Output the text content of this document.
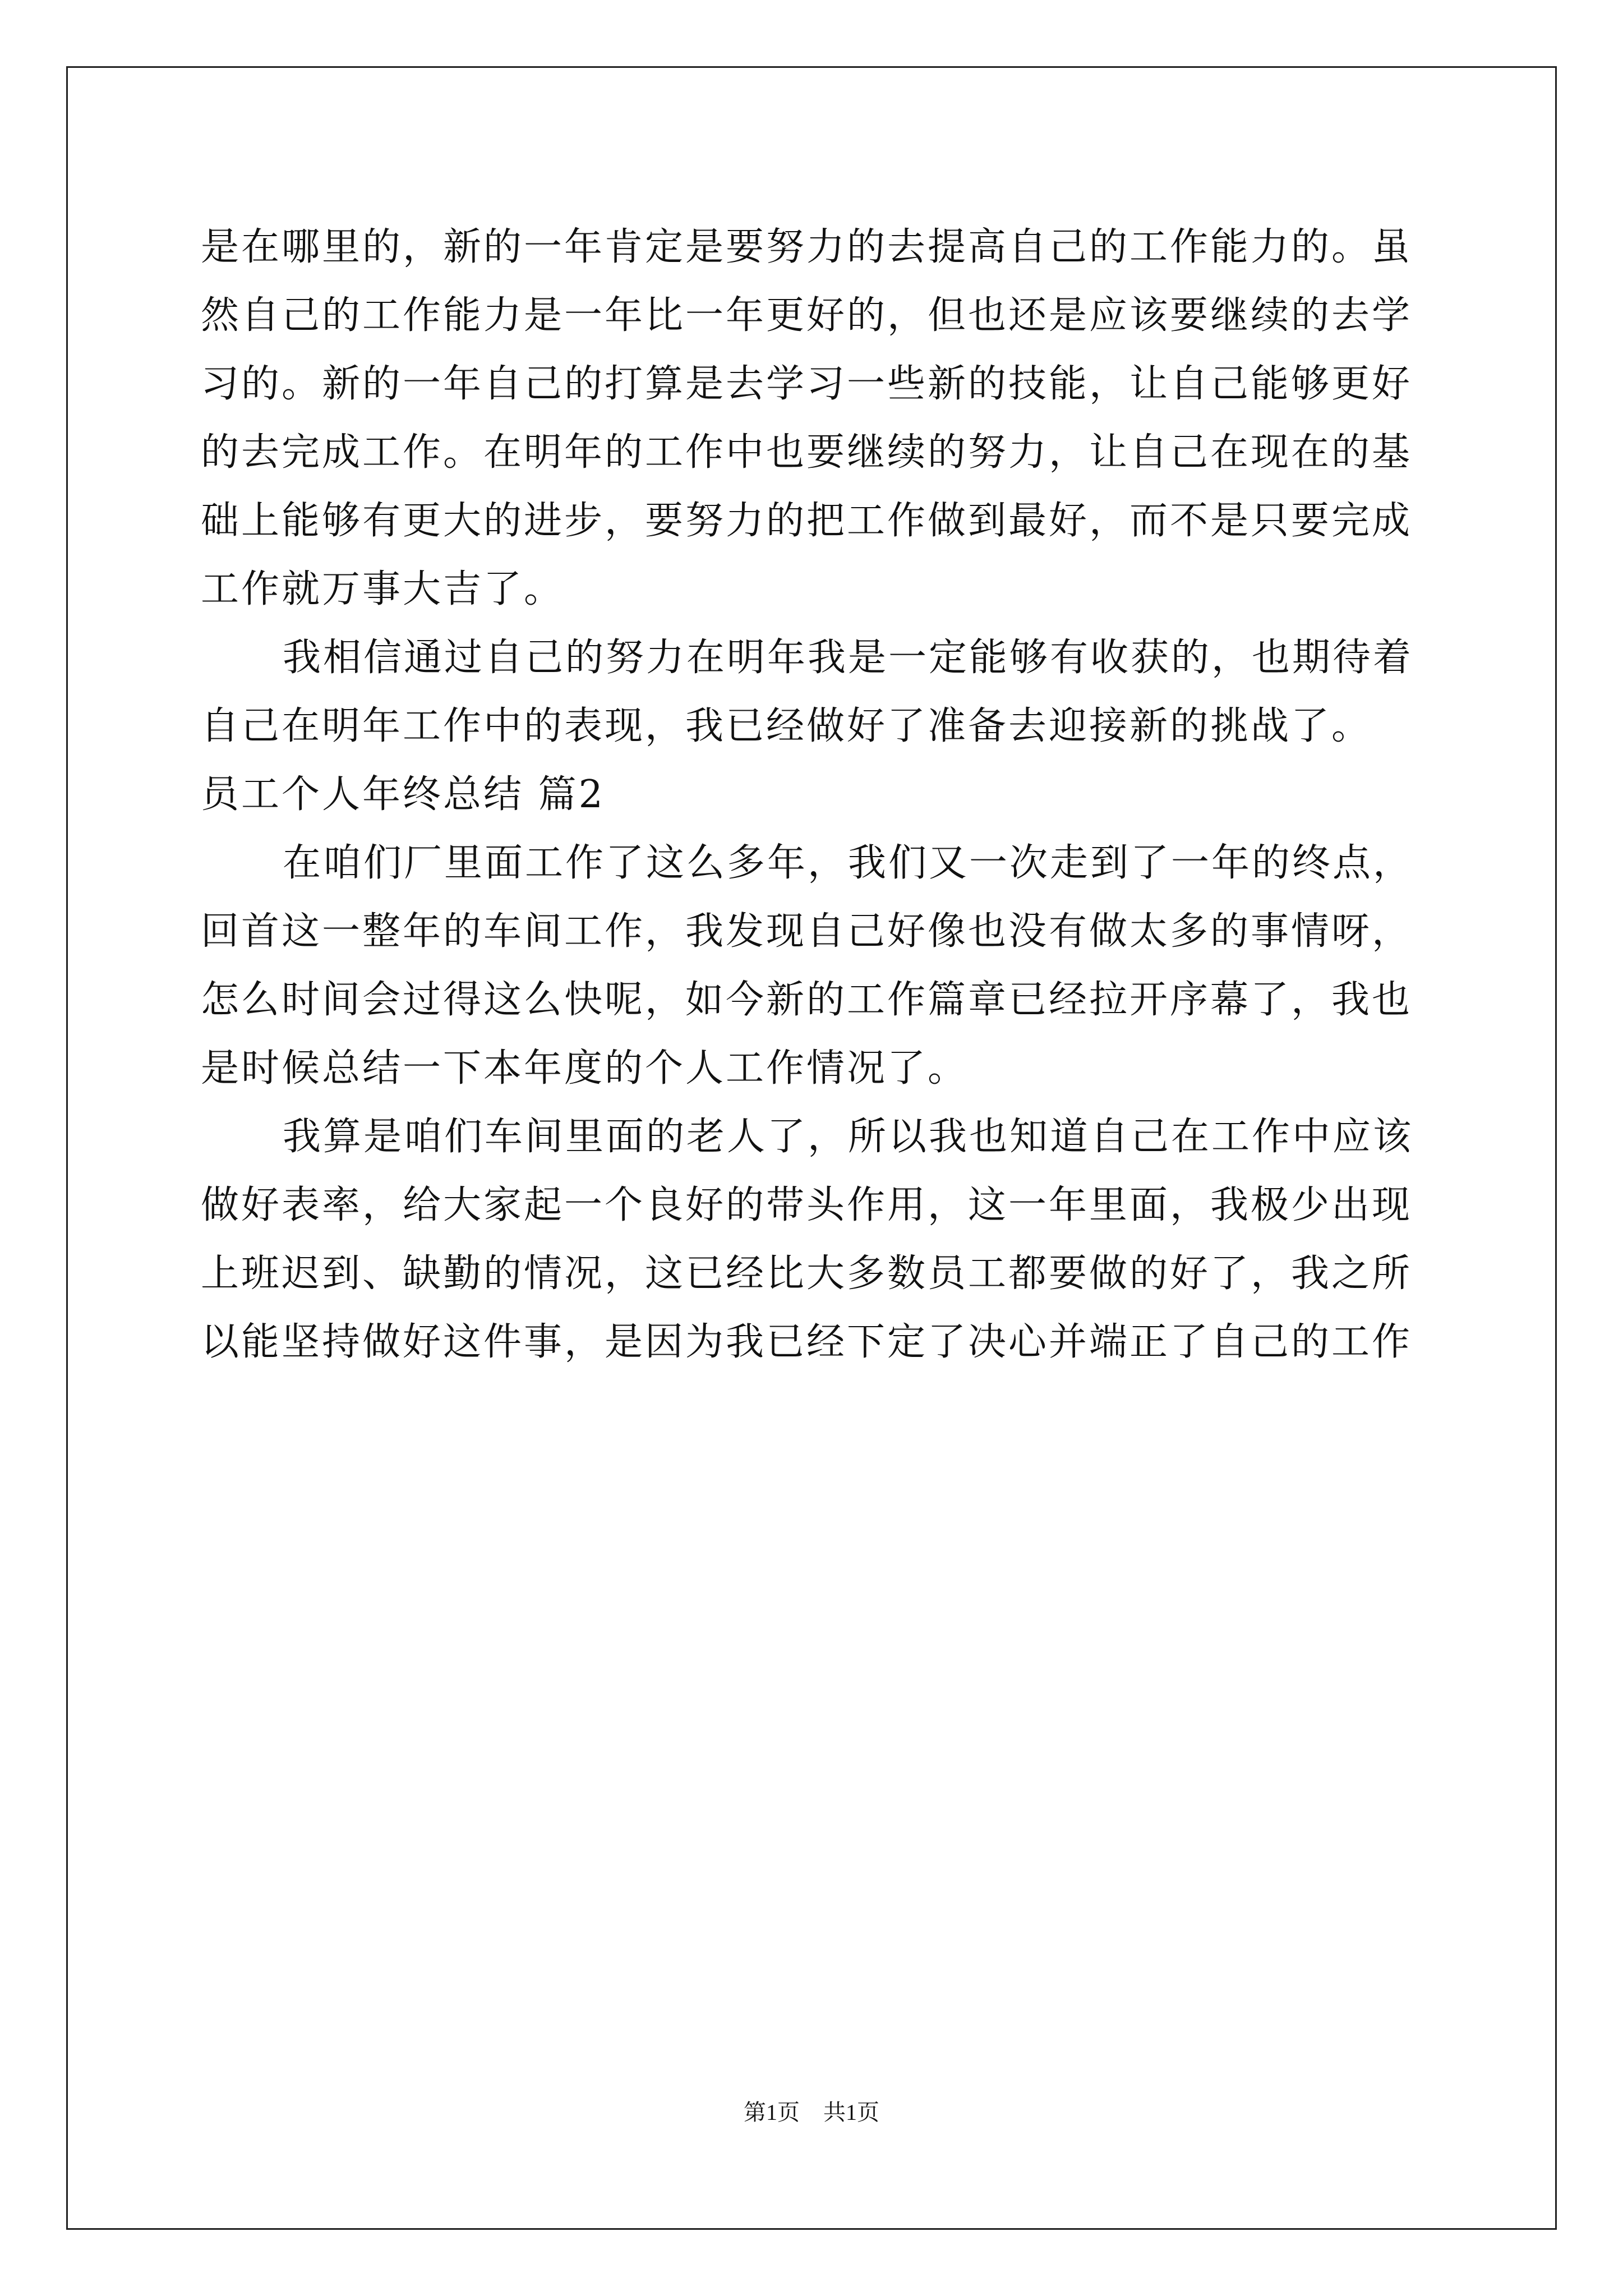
是在哪里的，新的一年肯定是要努力的去提高自己的工作能力的。虽
然自己的工作能力是一年比一年更好的，但也还是应该要继续的去学
习的。新的一年自己的打算是去学习一些新的技能，让自己能够更好
的去完成工作。在明年的工作中也要继续的努力，让自己在现在的基
础上能够有更大的进步，要努力的把工作做到最好，而不是只要完成
工作就万事大吉了。
我相信通过自己的努力在明年我是一定能够有收获的，也期待着
自己在明年工作中的表现，我已经做好了准备去迎接新的挑战了。
员工个人年终总结 篇2
在咱们厂里面工作了这么多年，我们又一次走到了一年的终点，
回首这一整年的车间工作，我发现自己好像也没有做太多的事情呀，
怎么时间会过得这么快呢，如今新的工作篇章已经拉开序幕了，我也
是时候总结一下本年度的个人工作情况了。
我算是咱们车间里面的老人了，所以我也知道自己在工作中应该
做好表率，给大家起一个良好的带头作用，这一年里面，我极少出现
上班迟到、缺勤的情况，这已经比大多数员工都要做的好了，我之所
以能坚持做好这件事，是因为我已经下定了决心并端正了自己的工作
第1页 共1页
